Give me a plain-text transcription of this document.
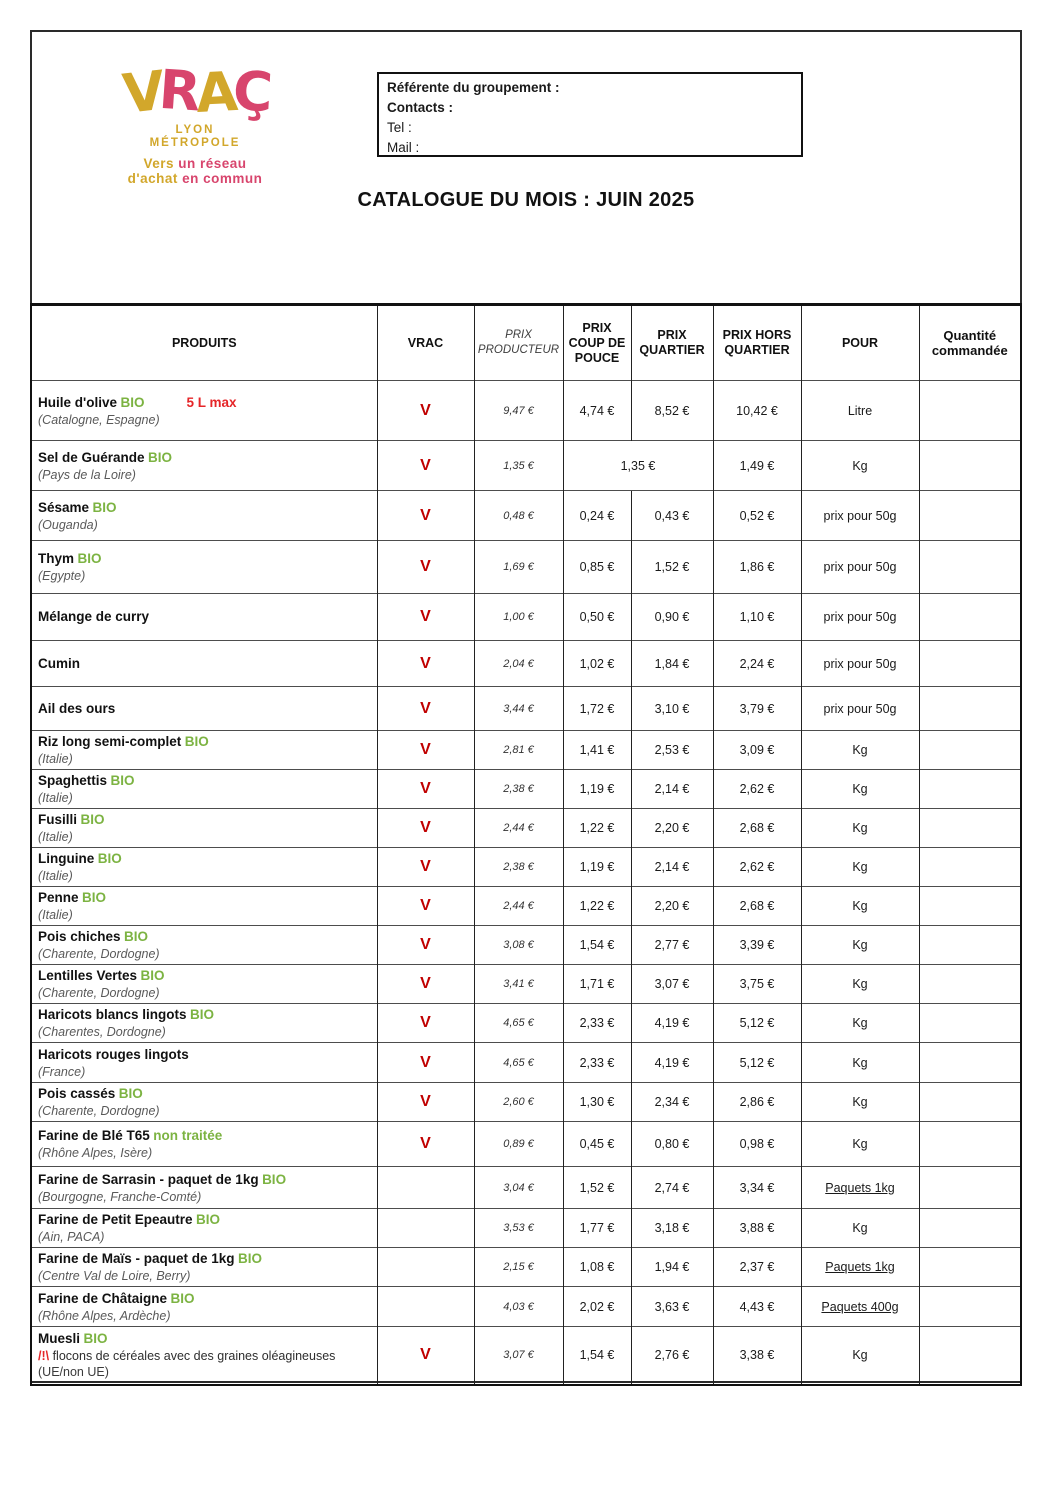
VRAÇ
LYON
MÉTROPOLE
Vers un réseau
d'achat en commun
Référente du groupement :
Contacts :
Tel :
Mail :
CATALOGUE DU MOIS : JUIN 2025
PRODUITS	VRAC	PRIX PRODUCTEUR	PRIX COUP DE POUCE	PRIX QUARTIER	PRIX HORS QUARTIER	POUR	Quantité commandée

Huile d'olive BIO 5 L max
(Catalogne, Espagne)	V	9,47 €	4,74 €	8,52 €	10,42 €	Litre	

Sel de Guérande BIO
(Pays de la Loire)	V	1,35 €	1,35 €		1,49 €	Kg	

Sésame BIO
(Ouganda)	V	0,48 €	0,24 €	0,43 €	0,52 €	prix pour 50g	

Thym BIO
(Egypte)	V	1,69 €	0,85 €	1,52 €	1,86 €	prix pour 50g	

Mélange de curry	V	1,00 €	0,50 €	0,90 €	1,10 €	prix pour 50g	

Cumin	V	2,04 €	1,02 €	1,84 €	2,24 €	prix pour 50g	

Ail des ours	V	3,44 €	1,72 €	3,10 €	3,79 €	prix pour 50g	

Riz long semi-complet BIO
(Italie)	V	2,81 €	1,41 €	2,53 €	3,09 €	Kg	

Spaghettis BIO
(Italie)	V	2,38 €	1,19 €	2,14 €	2,62 €	Kg	

Fusilli BIO
(Italie)	V	2,44 €	1,22 €	2,20 €	2,68 €	Kg	

Linguine BIO
(Italie)	V	2,38 €	1,19 €	2,14 €	2,62 €	Kg	

Penne BIO
(Italie)	V	2,44 €	1,22 €	2,20 €	2,68 €	Kg	

Pois chiches BIO
(Charente, Dordogne)	V	3,08 €	1,54 €	2,77 €	3,39 €	Kg	

Lentilles Vertes BIO
(Charente, Dordogne)	V	3,41 €	1,71 €	3,07 €	3,75 €	Kg	

Haricots blancs lingots BIO
(Charentes, Dordogne)	V	4,65 €	2,33 €	4,19 €	5,12 €	Kg	

Haricots rouges lingots
(France)	V	4,65 €	2,33 €	4,19 €	5,12 €	Kg	

Pois cassés BIO
(Charente, Dordogne)	V	2,60 €	1,30 €	2,34 €	2,86 €	Kg	

Farine de Blé T65 non traitée
(Rhône Alpes, Isère)	V	0,89 €	0,45 €	0,80 €	0,98 €	Kg	

Farine de Sarrasin - paquet de 1kg BIO
(Bourgogne, Franche-Comté)		3,04 €	1,52 €	2,74 €	3,34 €	Paquets 1kg	

Farine de Petit Epeautre BIO
(Ain, PACA)		3,53 €	1,77 €	3,18 €	3,88 €	Kg	

Farine de Maïs - paquet de 1kg BIO
(Centre Val de Loire, Berry)		2,15 €	1,08 €	1,94 €	2,37 €	Paquets 1kg	

Farine de Châtaigne BIO
(Rhône Alpes, Ardèche)		4,03 €	2,02 €	3,63 €	4,43 €	Paquets 400g	

Muesli BIO
/!\ flocons de céréales avec des graines oléagineuses
(UE/non UE)	V	3,07 €	1,54 €	2,76 €	3,38 €	Kg	
